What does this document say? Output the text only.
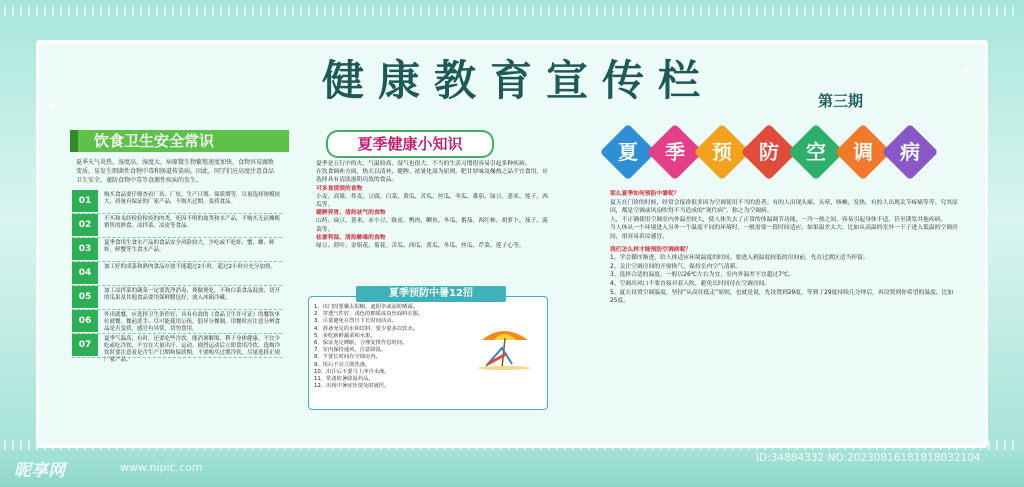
健康教育宣传栏	第三期
饮食卫生安全常识
夏季天气炎热，湿度高、湿度大，病原微生物繁殖速度加快，食物容易腐败变质，易发生细菌性食物中毒和肠道传染病。因此，同学们应高度注意食品卫生安全，谨防食物中毒等食源性疾病的发生。
01
购买食品要仔细查看厂名、厂址、生产日期、保质期等，尽量选择规模较大、质量有保证的厂家产品，不购买过期、变质食品。
02
不买和未经检验检疫的肉类，死因不明的禽类和水产品，不购买无证摊贩销售的熟食、凉拌菜、凉皮等食品。
03
夏季食用生食水产品的食品安全风险较大，少吃或不吃虾、蟹、螺、鲜虾，鲜蟹等生食水产品。
04
加工好的成菜和熟肉食品存放不能超过2小时，超过2小时应充分加热。
05
加工凉拌菜的蔬菜一定要洗净消毒，现做现吃，不和白菜食品混放，切开的瓜果及其他食品要用保鲜膜包好，放入冰箱冷藏。
06
外出就餐，应选择卫生条件好、具有有效的《食品卫生许可证》的餐饮单位就餐，餐前洗手，尽可能使用公筷，倡导分餐制，用餐时应注意分辨食品是否变质，感官有异常，切勿食用。
07
夏季气温高，有时，还要吃些冷饮、能消暑解渴，利于身体健康。不宜少吃或吃冷饮，不宜在大量出汗、运动、剧烈运动后立即食用冷饮。选购冷饮时要注意看是否生产日期和保质期，不要购买过期冷饮，尽量选择正规厂家产品。
夏季健康小知识
夏季是五行中的火，气温较高，湿气也很大，不当的生活习惯很容易引起多种疾病。
在饮食调补方面，热天以清补、健脾、祛暑化湿为原则。肥甘厚味及燥热之品不宜食用，应选择具有清淡滋阴功效的食品。
可多食清淡的食物
小麦、高粱、荞麦、豆腐、白菜、黄瓜、苦瓜、丝瓜、冬瓜、番茄、绿豆、薏米、莲子、西瓜等。
健脾养胃、清热祛气的食物
山药、扁豆、薏米、赤小豆、陈皮、鸭肉、鲫鱼、冬瓜、番茄、西红柿、胡萝卜、茄子、菠菜等。
祛暑利湿、清热解毒的食物
绿豆、荷叶、金银花、菊花、苦瓜、西瓜、黄瓜、冬瓜、丝瓜、芹菜、莲子心等。
夏季预防中暑12招
1、出门时要戴太阳帽、遮阳伞或涂防晒霜。
2、穿透气性好、浅色的棉质或真丝面料衣服。
3、尽量避免在烈日下长时间活动。
4、准备充足的水和饮料，要少量多次饮水。
5、多吃新鲜蔬菜和水果。
6、保证充足睡眠，合理安排作息时间。
7、室内保持通风，注意降温。
8、不要长时间在空调房内。
9、饭后不宜立即洗澡。
10、出汗后不要马上冲冷水澡。
11、常备防暑降温药品。
12、出现中暑症状要及时就医。
夏	季	预	防	空	调	病
那么夏季如何预防中暑呢？
夏天在门诊的时候，经常会接诊很多因为空调使用不当的患者。有的人出现头痛、头晕、咳嗽、发热，有的人出现关节疼痛等等。究其原因，都是空调或风扇吹得不当造成的“现代病”，称之为空调病。
人，不正确使用空调室内外温差较大，使人体失去了正常的体温调节功能，一冷一热之间，容易引起身体不适，甚至诱发其他疾病。
当人体从一个环境进入另外一个温度不同的环境时，一般需要一段时间适应。如果温差太大，比如从高温的室外一下子进入低温的空调房间，很容易着凉感冒。
我们怎么样才能预防空调病呢？
1、学会循序渐进，给人体适应环境温度的时间。要进入到温度较低的房间前，先在过渡区适当停留。
2、关注空调房间的开窗换气，保持室内空气清新。
3、选择合适的温度，一般以26℃左右为宜，室内外温差不宜超过7℃。
4、空调出风口不要直接对着人吹，避免长时间待在空调房间。
5、夏天设置空调温度，坚持“从高往低走”原则，也就是说，先设置到29度，等到了29度持续几分钟后，再设置到你希望的温度，比如25度。
昵享网	www.nipic.com
ID:34884332 NO:20230816181818032104
